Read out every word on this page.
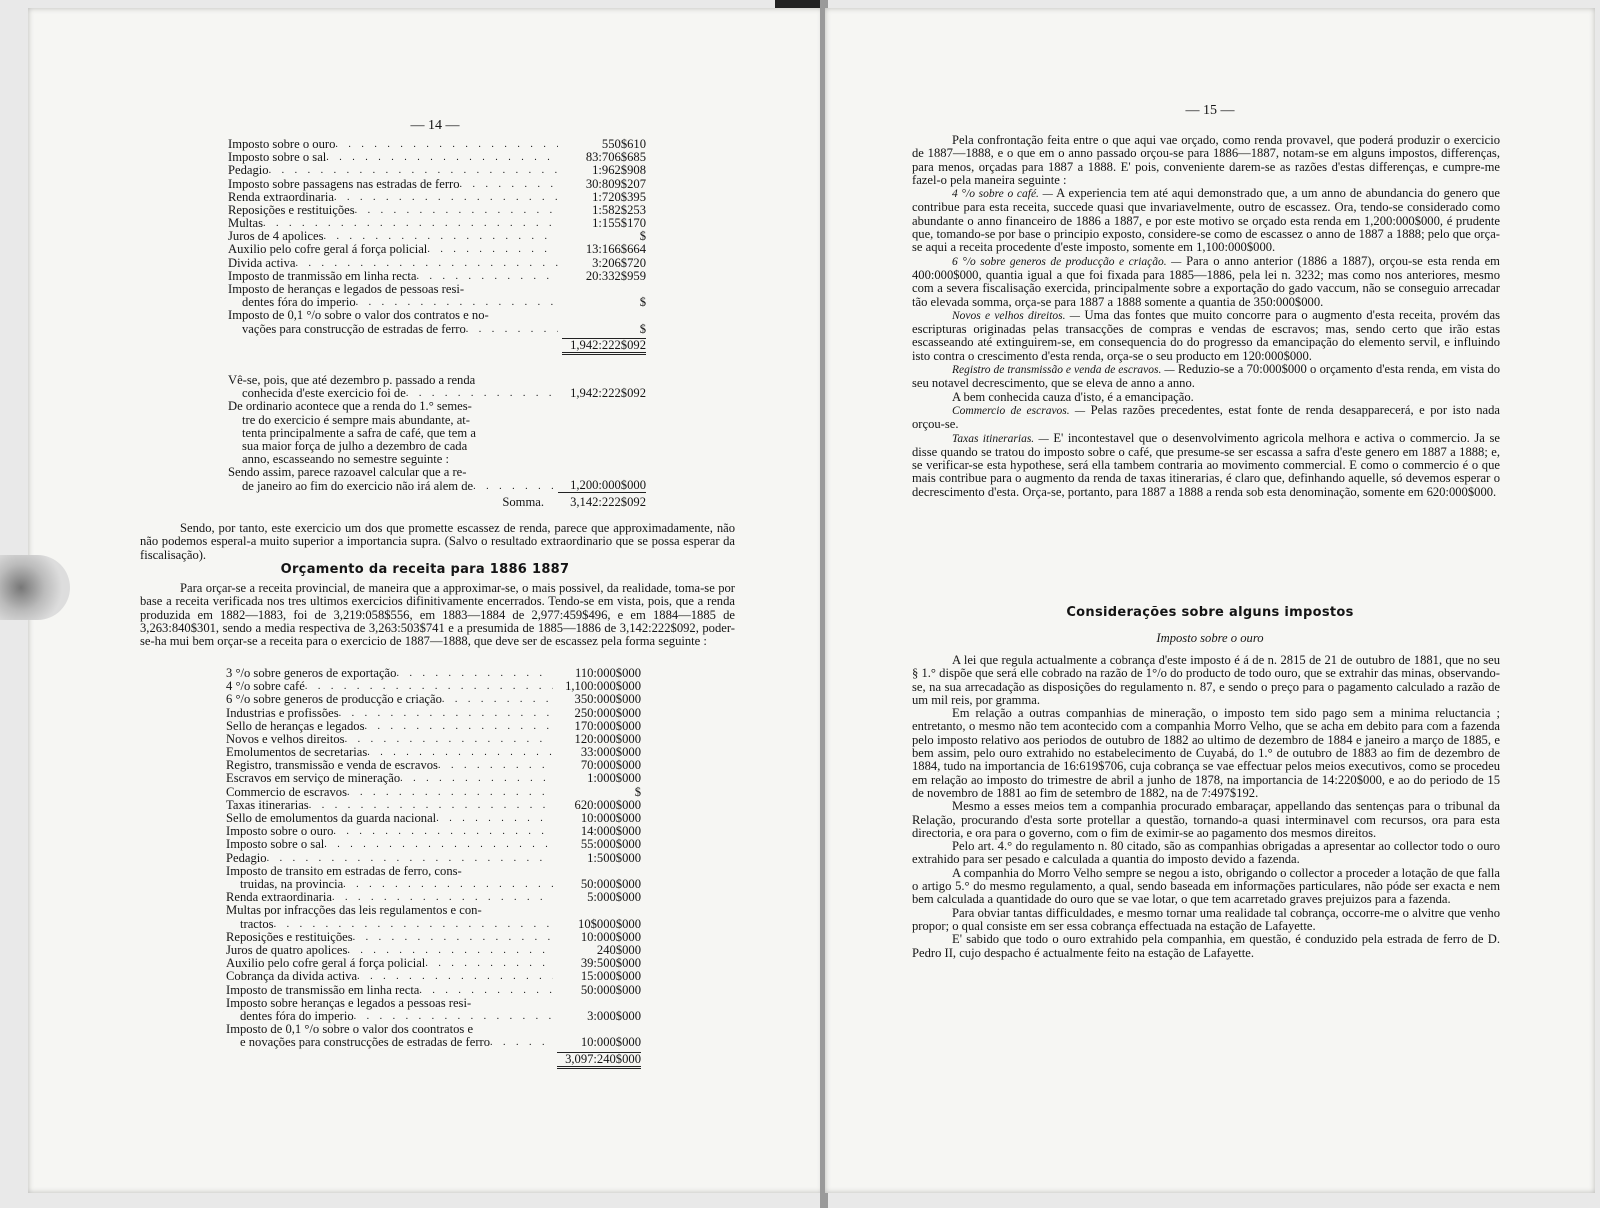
— 14 —
Imposto sobre o ouro . . .	550$610
Imposto sobre o sal . . .	83:706$685
Pedagio . . .	1:962$908
Imposto sobre passagens nas estradas de ferro . . .	30:809$207
Renda extraordinaria . . .	1:720$395
Reposições e restituições . . .	1:582$253
Multas . . .	1:155$170
Juros de 4 apolices . . .	$
Auxilio pelo cofre geral á força policial . . .	13:166$664
Divida activa . . .	3:206$720
Imposto de tranmissão em linha recta . . .	20:332$959
Imposto de heranças e legados de pessoas resi-
dentes fóra do imperio . . .	$
Imposto de 0,1 °/o sobre o valor dos contratos e no-
vações para construcção de estradas de ferro . . .	$
1,942:222$092
Vê-se, pois, que até dezembro p. passado a renda
conhecida d'este exercicio foi de . . .	1,942:222$092
De ordinario acontece que a renda do 1.° semes-
tre do exercicio é sempre mais abundante, at-
tenta principalmente a safra de café, que tem a
sua maior força de julho a dezembro de cada
anno, escasseando no semestre seguinte :
Sendo assim, parece razoavel calcular que a re-
de janeiro ao fim do exercicio não irá alem de . . .	1,200:000$000
Somma.	3,142:222$092

Sendo, por tanto, este exercicio um dos que promette escassez de renda, parece que approximadamente, não não podemos esperal-a muito superior a importancia supra. (Salvo o resultado extraordinario que se possa esperar da fiscalisação).

Orçamento da receita para 1886 1887

Para orçar-se a receita provincial, de maneira que a approximar-se, o mais possivel, da realidade, toma-se por base a receita verificada nos tres ultimos exercicios difinitivamente encerrados. Tendo-se em vista, pois, que a renda produzida em 1882—1883, foi de 3,219:058$556, em 1883—1884 de 2,977:459$496, e em 1884—1885 de 3,263:840$301, sendo a media respectiva de 3,263:503$741 e a presumida de 1885—1886 de 3,142:222$092, poder-se-ha mui bem orçar-se a receita para o exercicio de 1887—1888, que deve ser de escassez pela forma seguinte :

3 °/o sobre generos de exportação . . .	110:000$000
4 °/o sobre café . . .	1,100:000$000
6 °/o sobre generos de producção e criação . . .	350:000$000
Industrias e profissões . . .	250:000$000
Sello de heranças e legados . . .	170:000$000
Novos e velhos direitos . . .	120:000$000
Emolumentos de secretarias . . .	33:000$000
Registro, transmissão e venda de escravos . . .	70:000$000
Escravos em serviço de mineração . . .	1:000$000
Commercio de escravos . . .	$
Taxas itinerarias . . .	620:000$000
Sello de emolumentos da guarda nacional . . .	10:000$000
Imposto sobre o ouro . . .	14:000$000
Imposto sobre o sal . . .	55:000$000
Pedagio . . .	1:500$000
Imposto de transito em estradas de ferro, cons-
truidas, na provincia . . .	50:000$000
Renda extraordinaria . . .	5:000$000
Multas por infracções das leis regulamentos e con-
tractos . . .	10$000$000
Reposições e restituições . . .	10:000$000
Juros de quatro apolices . . .	240$000
Auxilio pelo cofre geral á força policial . . .	39:500$000
Cobrança da divida activa . . .	15:000$000
Imposto de transmissão em linha recta . . .	50:000$000
Imposto sobre heranças e legados a pessoas resi-
dentes fóra do imperio . . .	3:000$000
Imposto de 0,1 °/o sobre o valor dos coontratos e
e novações para construcções de estradas de ferro . . .	10:000$000
3,097:240$000
— 15 —

Pela confrontação feita entre o que aqui vae orçado, como renda provavel, que poderá produzir o exercicio de 1887—1888, e o que em o anno passado orçou-se para 1886—1887, notam-se em alguns impostos, differenças, para menos, orçadas para 1887 a 1888. E' pois, conveniente darem-se as razões d'estas differenças, e cumpre-me fazel-o pela maneira seguinte :

4 °/o sobre o café. — A experiencia tem até aqui demonstrado que, a um anno de abundancia do genero que contribue para esta receita, succede quasi que invariavelmente, outro de escassez. Ora, tendo-se considerado como abundante o anno financeiro de 1886 a 1887, e por este motivo se orçado esta renda em 1,200:000$000, é prudente que, tomando-se por base o principio exposto, considere-se como de escassez o anno de 1887 a 1888; pelo que orça-se aqui a receita procedente d'este imposto, somente em 1,100:000$000.

6 °/o sobre generos de producção e criação. — Para o anno anterior (1886 a 1887), orçou-se esta renda em 400:000$000, quantia igual a que foi fixada para 1885—1886, pela lei n. 3232; mas como nos anteriores, mesmo com a severa fiscalisação exercida, principalmente sobre a exportação do gado vaccum, não se conseguio arrecadar tão elevada somma, orça-se para 1887 a 1888 somente a quantia de 350:000$000.

Novos e velhos direitos. — Uma das fontes que muito concorre para o augmento d'esta receita, provém das escripturas originadas pelas transacções de compras e vendas de escravos; mas, sendo certo que irão estas escasseando até extinguirem-se, em consequencia do do progresso da emancipação do elemento servil, e influindo isto contra o crescimento d'esta renda, orça-se o seu producto em 120:000$000.

Registro de transmissão e venda de escravos. — Reduzio-se a 70:000$000 o orçamento d'esta renda, em vista do seu notavel decrescimento, que se eleva de anno a anno.

A bem conhecida cauza d'isto, é a emancipação.

Commercio de escravos. — Pelas razões precedentes, estat fonte de renda desapparecerá, e por isto nada orçou-se.

Taxas itinerarias. — E' incontestavel que o desenvolvimento agricola melhora e activa o commercio. Ja se disse quando se tratou do imposto sobre o café, que presume-se ser escassa a safra d'este genero em 1887 a 1888; e, se verificar-se esta hypothese, será ella tambem contraria ao movimento commercial. E como o commercio é o que mais contribue para o augmento da renda de taxas itinerarias, é claro que, definhando aquelle, só devemos esperar o decrescimento d'esta. Orça-se, portanto, para 1887 a 1888 a renda sob esta denominação, somente em 620:000$000.

Considerações sobre alguns impostos
Imposto sobre o ouro

A lei que regula actualmente a cobrança d'este imposto é á de n. 2815 de 21 de outubro de 1881, que no seu § 1.° dispõe que será elle cobrado na razão de 1°/o do producto de todo ouro, que se extrahir das minas, observando-se, na sua arrecadação as disposições do regulamento n. 87, e sendo o preço para o pagamento calculado a razão de um mil reis, por gramma.

Em relação a outras companhias de mineração, o imposto tem sido pago sem a minima reluctancia ; entretanto, o mesmo não tem acontecido com a companhia Morro Velho, que se acha em debito para com a fazenda pelo imposto relativo aos periodos de outubro de 1882 ao ultimo de dezembro de 1884 e janeiro a março de 1885, e bem assim, pelo ouro extrahido no estabelecimento de Cuyabá, do 1.° de outubro de 1883 ao fim de dezembro de 1884, tudo na importancia de 16:619$706, cuja cobrança se vae effectuar pelos meios executivos, como se procedeu em relação ao imposto do trimestre de abril a junho de 1878, na importancia de 14:220$000, e ao do periodo de 15 de novembro de 1881 ao fim de setembro de 1882, na de 7:497$192.

Mesmo a esses meios tem a companhia procurado embaraçar, appellando das sentenças para o tribunal da Relação, procurando d'esta sorte protellar a questão, tornando-a quasi interminavel com recursos, ora para esta directoria, e ora para o governo, com o fim de eximir-se ao pagamento dos mesmos direitos.

Pelo art. 4.° do regulamento n. 80 citado, são as companhias obrigadas a apresentar ao collector todo o ouro extrahido para ser pesado e calculada a quantia do imposto devido a fazenda.

A companhia do Morro Velho sempre se negou a isto, obrigando o collector a proceder a lotação de que falla o artigo 5.° do mesmo regulamento, a qual, sendo baseada em informações particulares, não póde ser exacta e nem bem calculada a quantidade do ouro que se vae lotar, o que tem acarretado graves prejuizos para a fazenda.

Para obviar tantas difficuldades, e mesmo tornar uma realidade tal cobrança, occorre-me o alvitre que venho propor; o qual consiste em ser essa cobrança effectuada na estação de Lafayette.

E' sabido que todo o ouro extrahido pela companhia, em questão, é conduzido pela estrada de ferro de D. Pedro II, cujo despacho é actualmente feito na estação de Lafayette.
